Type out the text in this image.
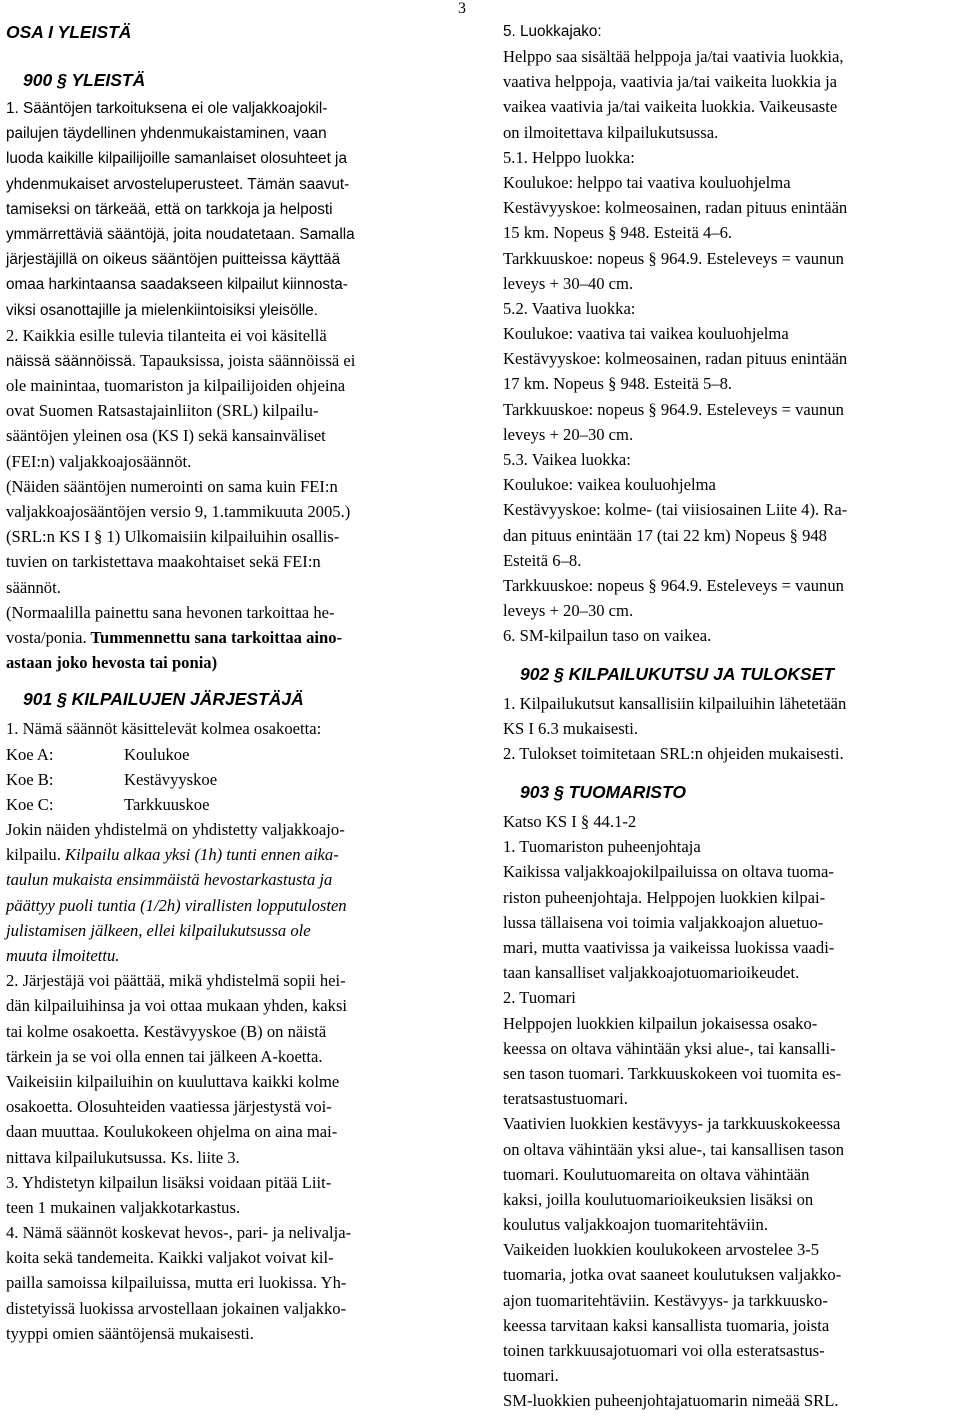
3
OSA I YLEISTÄ
900 § YLEISTÄ
1. Sääntöjen tarkoituksena ei ole valjakkoajokil-
pailujen täydellinen yhdenmukaistaminen, vaan
luoda kaikille kilpailijoille samanlaiset olosuhteet ja
yhdenmukaiset arvosteluperusteet. Tämän saavut-
tamiseksi on tärkeää, että on tarkkoja ja helposti
ymmärrettäviä sääntöjä, joita noudatetaan. Samalla
järjestäjillä on oikeus sääntöjen puitteissa käyttää
omaa harkintaansa saadakseen kilpailut kiinnosta-
viksi osanottajille ja mielenkiintoisiksi yleisölle.
2. Kaikkia esille tulevia tilanteita ei voi käsitellä
näissä säännöissä. Tapauksissa, joista säännöissä ei
ole mainintaa, tuomariston ja kilpailijoiden ohjeina
ovat Suomen Ratsastajainliiton (SRL) kilpailu-
sääntöjen yleinen osa (KS I) sekä kansainväliset
(FEI:n) valjakkoajosäännöt.
(Näiden sääntöjen numerointi on sama kuin FEI:n
valjakkoajosääntöjen versio 9, 1.tammikuuta 2005.)
(SRL:n KS I § 1) Ulkomaisiin kilpailuihin osallis-
tuvien on tarkistettava maakohtaiset sekä FEI:n
säännöt.
(Normaalilla painettu sana hevonen tarkoittaa he-
vosta/ponia. Tummennettu sana tarkoittaa aino-
astaan joko hevosta tai ponia)
901 § KILPAILUJEN JÄRJESTÄJÄ
1. Nämä säännöt käsittelevät kolmea osakoetta:
Koe A:	Koulukoe
Koe B:	Kestävyyskoe
Koe C:	Tarkkuuskoe
Jokin näiden yhdistelmä on yhdistetty valjakkoajo-
kilpailu. Kilpailu alkaa yksi (1h) tunti ennen aika-
taulun mukaista ensimmäistä hevostarkastusta ja
päättyy puoli tuntia (1/2h) virallisten lopputulosten
julistamisen jälkeen, ellei kilpailukutsussa ole
muuta ilmoitettu.
2. Järjestäjä voi päättää, mikä yhdistelmä sopii hei-
dän kilpailuihinsa ja voi ottaa mukaan yhden, kaksi
tai kolme osakoetta. Kestävyyskoe (B) on näistä
tärkein ja se voi olla ennen tai jälkeen A-koetta.
Vaikeisiin kilpailuihin on kuuluttava kaikki kolme
osakoetta. Olosuhteiden vaatiessa järjestystä voi-
daan muuttaa. Koulukokeen ohjelma on aina mai-
nittava kilpailukutsussa. Ks. liite 3.
3. Yhdistetyn kilpailun lisäksi voidaan pitää Liit-
teen 1 mukainen valjakkotarkastus.
4. Nämä säännöt koskevat hevos-, pari- ja nelivalja-
koita sekä tandemeita. Kaikki valjakot voivat kil-
pailla samoissa kilpailuissa, mutta eri luokissa. Yh-
distetyissä luokissa arvostellaan jokainen valjakko-
tyyppi omien sääntöjensä mukaisesti.
5. Luokkajako:
Helppo saa sisältää helppoja ja/tai vaativia luokkia,
vaativa helppoja, vaativia ja/tai vaikeita luokkia ja
vaikea vaativia ja/tai vaikeita luokkia. Vaikeusaste
on ilmoitettava kilpailukutsussa.
5.1. Helppo luokka:
Koulukoe: helppo tai vaativa kouluohjelma
Kestävyyskoe: kolmeosainen, radan pituus enintään
15 km. Nopeus § 948. Esteitä 4–6.
Tarkkuuskoe: nopeus § 964.9. Esteleveys = vaunun
leveys + 30–40 cm.
5.2. Vaativa luokka:
Koulukoe: vaativa tai vaikea kouluohjelma
Kestävyyskoe: kolmeosainen, radan pituus enintään
17 km. Nopeus § 948. Esteitä 5–8.
Tarkkuuskoe: nopeus § 964.9. Esteleveys = vaunun
leveys + 20–30 cm.
5.3. Vaikea luokka:
Koulukoe: vaikea kouluohjelma
Kestävyyskoe: kolme- (tai viisiosainen Liite 4). Ra-
dan pituus enintään 17 (tai 22 km) Nopeus § 948
Esteitä 6–8.
Tarkkuuskoe: nopeus § 964.9. Esteleveys = vaunun
leveys + 20–30 cm.
6. SM-kilpailun taso on vaikea.
902 § KILPAILUKUTSU JA TULOKSET
1. Kilpailukutsut kansallisiin kilpailuihin lähetetään
KS I 6.3 mukaisesti.
2. Tulokset toimitetaan SRL:n ohjeiden mukaisesti.
903 § TUOMARISTO
Katso KS I § 44.1-2
1. Tuomariston puheenjohtaja
Kaikissa valjakkoajokilpailuissa on oltava tuoma-
riston puheenjohtaja. Helppojen luokkien kilpai-
lussa tällaisena voi toimia valjakkoajon aluetuo-
mari, mutta vaativissa ja vaikeissa luokissa vaadi-
taan kansalliset valjakkoajotuomarioikeudet.
2. Tuomari
Helppojen luokkien kilpailun jokaisessa osako-
keessa on oltava vähintään yksi alue-, tai kansalli-
sen tason tuomari. Tarkkuuskokeen voi tuomita es-
teratsastustuomari.
Vaativien luokkien kestävyys- ja tarkkuuskokeessa
on oltava vähintään yksi alue-, tai kansallisen tason
tuomari. Koulutuomareita on oltava vähintään
kaksi, joilla koulutuomarioikeuksien lisäksi on
koulutus valjakkoajon tuomaritehtäviin.
Vaikeiden luokkien koulukokeen arvostelee 3-5
tuomaria, jotka ovat saaneet koulutuksen valjakko-
ajon tuomaritehtäviin. Kestävyys- ja tarkkuusko-
keessa tarvitaan kaksi kansallista tuomaria, joista
toinen tarkkuusajotuomari voi olla esteratsastus-
tuomari.
SM-luokkien puheenjohtajatuomarin nimeää SRL.
